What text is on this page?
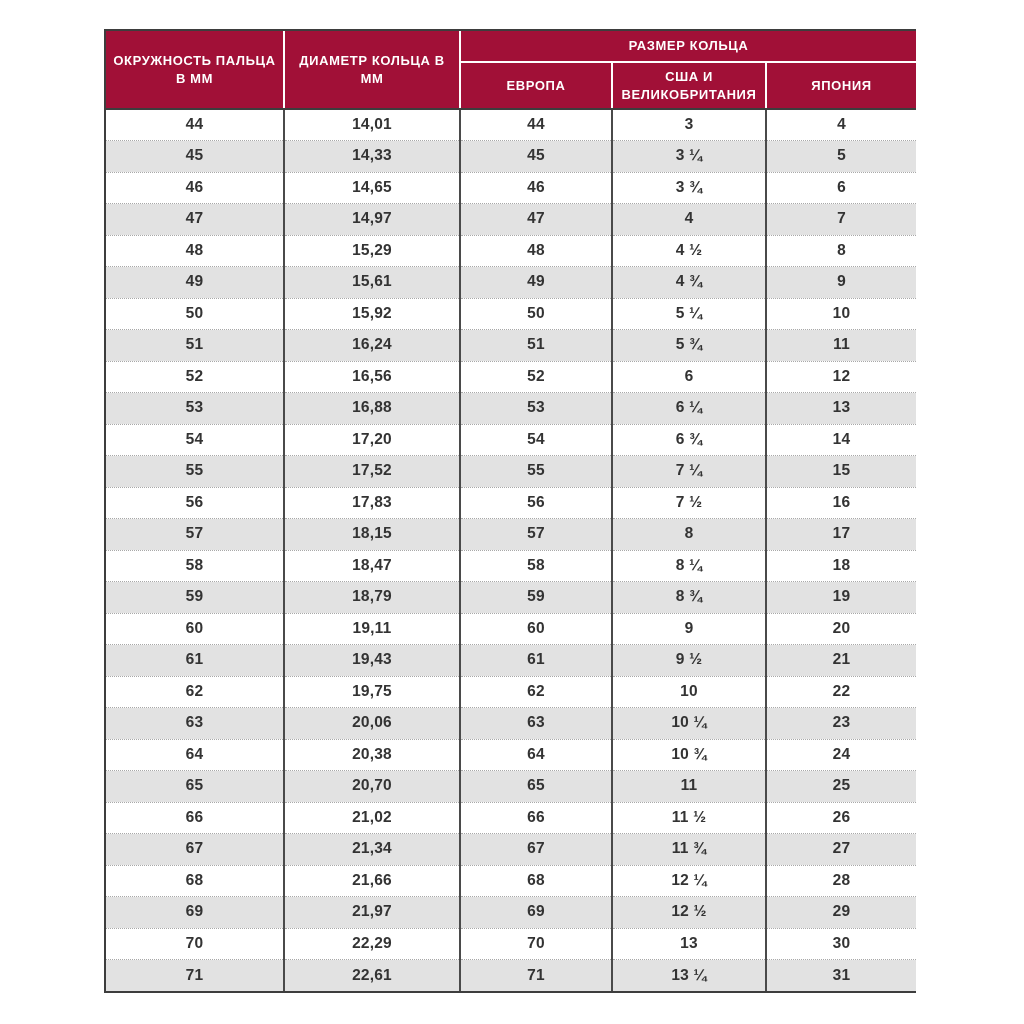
ОКРУЖНОСТЬ ПАЛЬЦА В ММ	ДИАМЕТР КОЛЬЦА В ММ	РАЗМЕР КОЛЬЦА		
		ЕВРОПА	США И ВЕЛИКОБРИТАНИЯ	ЯПОНИЯ
44	14,01	44	3	4
45	14,33	45	3 ¼	5
46	14,65	46	3 ¾	6
47	14,97	47	4	7
48	15,29	48	4 ½	8
49	15,61	49	4 ¾	9
50	15,92	50	5 ¼	10
51	16,24	51	5 ¾	11
52	16,56	52	6	12
53	16,88	53	6 ¼	13
54	17,20	54	6 ¾	14
55	17,52	55	7 ¼	15
56	17,83	56	7 ½	16
57	18,15	57	8	17
58	18,47	58	8 ¼	18
59	18,79	59	8 ¾	19
60	19,11	60	9	20
61	19,43	61	9 ½	21
62	19,75	62	10	22
63	20,06	63	10 ¼	23
64	20,38	64	10 ¾	24
65	20,70	65	11	25
66	21,02	66	11 ½	26
67	21,34	67	11 ¾	27
68	21,66	68	12 ¼	28
69	21,97	69	12 ½	29
70	22,29	70	13	30
71	22,61	71	13 ¼	31
